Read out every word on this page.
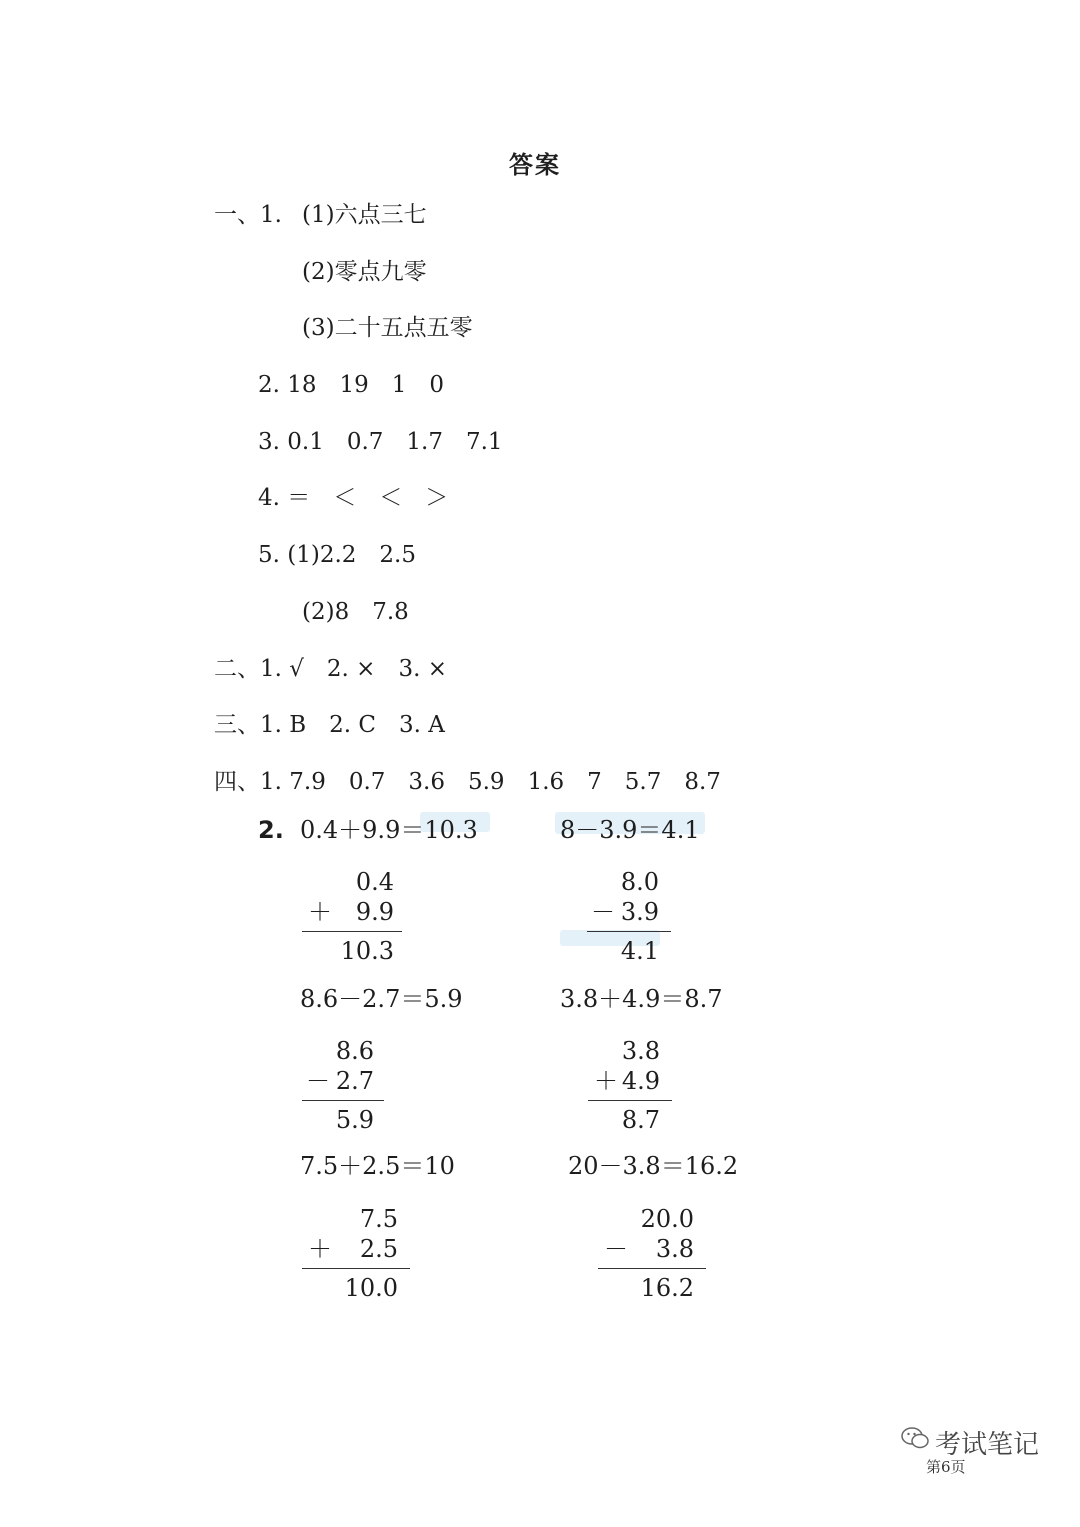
答案
一、1. (1)六点三七
(2)零点九零
(3)二十五点五零
2. 18　19　1　0
3. 0.1　0.7　1.7　7.1
4. ＝　＜　＜　＞
5. (1)2.2　2.5
(2)8　7.8
二、1. √　2. ×　3. ×
三、1. B　2. C　3. A
四、1. 7.9　0.7　3.6　5.9　1.6　7　5.7　8.7
2. 0.4＋9.9＝10.3	8－3.9＝4.1
0.4
＋ 9.9
10.3
8.0
－ 3.9
4.1
8.6－2.7＝5.9	3.8＋4.9＝8.7
8.6
－ 2.7
5.9
3.8
＋ 4.9
8.7
7.5＋2.5＝10	20－3.8＝16.2
7.5
＋ 2.5
10.0
20.0
－ 3.8
16.2
考试笔记
第6页
